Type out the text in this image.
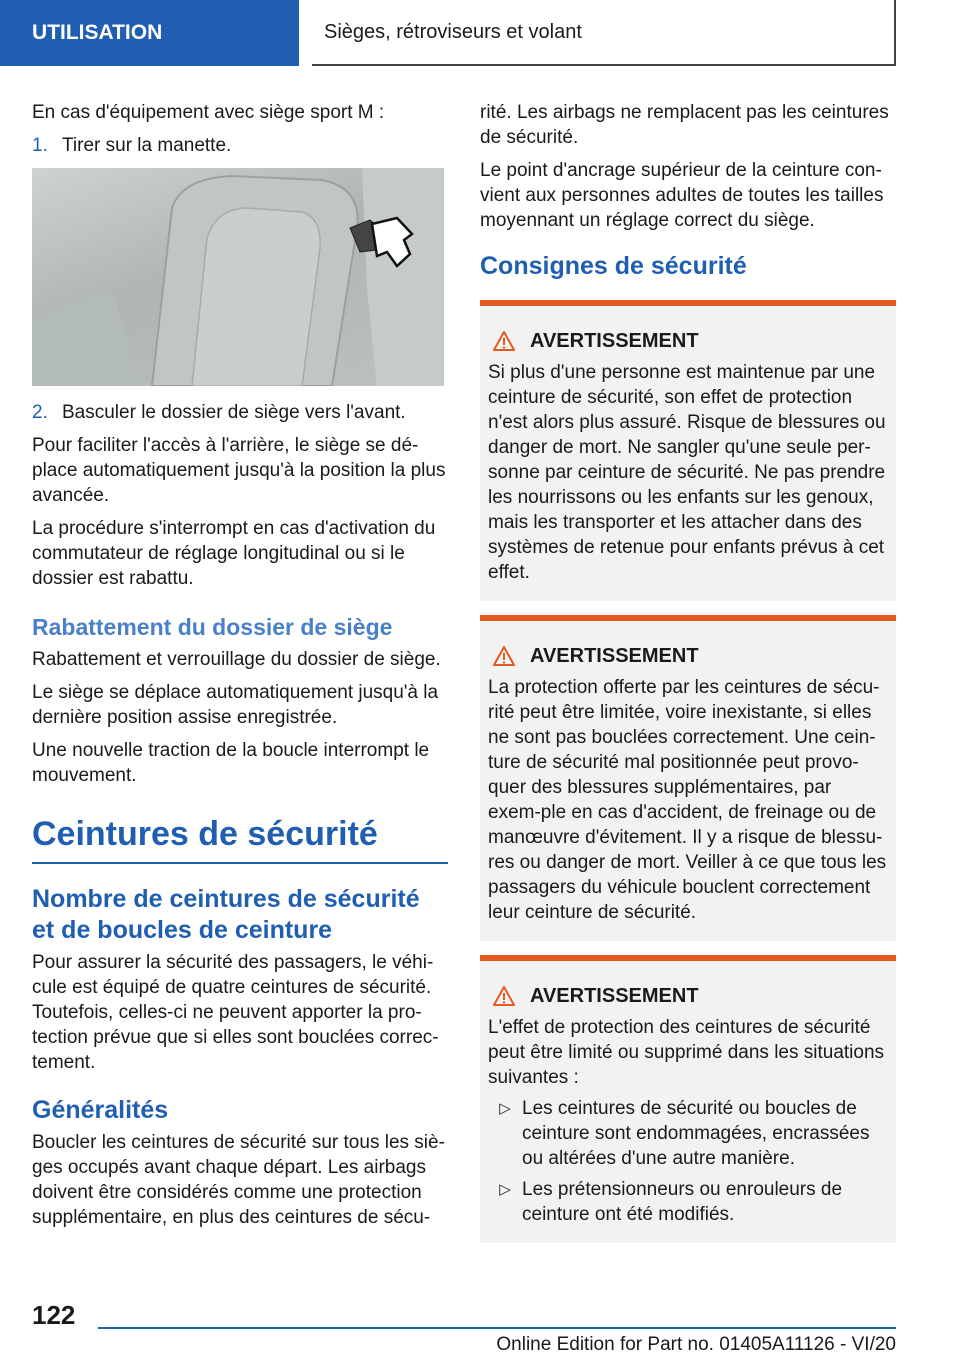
UTILISATION	Sièges, rétroviseurs et volant

En cas d'équipement avec siège sport M :

1. Tirer sur la manette.
2. Basculer le dossier de siège vers l'avant.

Pour faciliter l'accès à l'arrière, le siège se dé-place automatiquement jusqu'à la position la plus avancée.

La procédure s'interrompt en cas d'activation du commutateur de réglage longitudinal ou si le dossier est rabattu.

Rabattement du dossier de siège

Rabattement et verrouillage du dossier de siège.

Le siège se déplace automatiquement jusqu'à la dernière position assise enregistrée.

Une nouvelle traction de la boucle interrompt le mouvement.

Ceintures de sécurité
Nombre de ceintures de sécurité et de boucles de ceinture

Pour assurer la sécurité des passagers, le véhi-cule est équipé de quatre ceintures de sécurité. Toutefois, celles-ci ne peuvent apporter la pro-tection prévue que si elles sont bouclées correc-tement.

Généralités

Boucler les ceintures de sécurité sur tous les siè-ges occupés avant chaque départ. Les airbags doivent être considérés comme une protection supplémentaire, en plus des ceintures de sécu-

rité. Les airbags ne remplacent pas les ceintures de sécurité.

Le point d'ancrage supérieur de la ceinture con-vient aux personnes adultes de toutes les tailles moyennant un réglage correct du siège.

Consignes de sécurité
AVERTISSEMENT

Si plus d'une personne est maintenue par une ceinture de sécurité, son effet de protection n'est alors plus assuré. Risque de blessures ou danger de mort. Ne sangler qu'une seule per-sonne par ceinture de sécurité. Ne pas prendre les nourrissons ou les enfants sur les genoux, mais les transporter et les attacher dans des systèmes de retenue pour enfants prévus à cet effet.

AVERTISSEMENT

La protection offerte par les ceintures de sécu-rité peut être limitée, voire inexistante, si elles ne sont pas bouclées correctement. Une cein-ture de sécurité mal positionnée peut provo-quer des blessures supplémentaires, par exem-ple en cas d'accident, de freinage ou de manœuvre d'évitement. Il y a risque de blessu-res ou danger de mort. Veiller à ce que tous les passagers du véhicule bouclent correctement leur ceinture de sécurité.

AVERTISSEMENT

L'effet de protection des ceintures de sécurité peut être limité ou supprimé dans les situations suivantes :

▷ Les ceintures de sécurité ou boucles de ceinture sont endommagées, encrassées ou altérées d'une autre manière.
▷ Les prétensionneurs ou enrouleurs de ceinture ont été modifiés.
122
Online Edition for Part no. 01405A11126 - VI/20
